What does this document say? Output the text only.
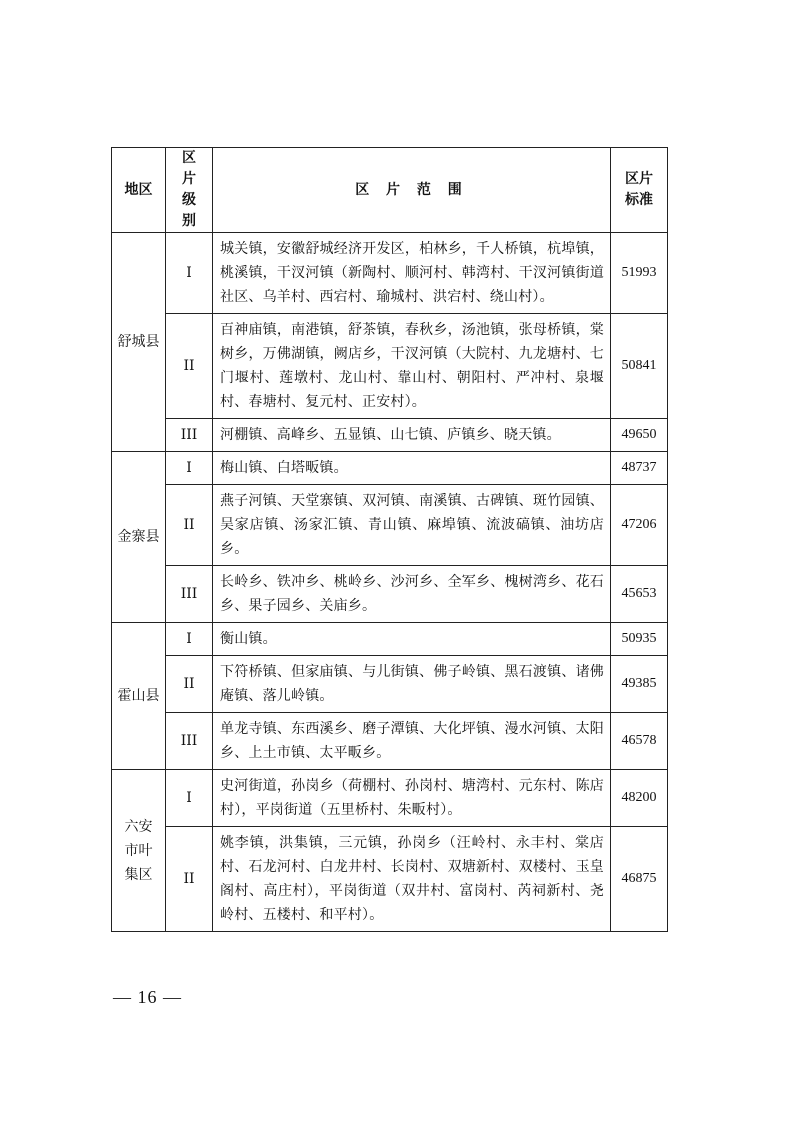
地区	区片级别	区 片 范 围	区片标准
舒城县	I	城关镇，安徽舒城经济开发区，柏林乡，千人桥镇，杭埠镇，桃溪镇，干汊河镇（新陶村、顺河村、韩湾村、干汊河镇街道社区、乌羊村、西宕村、瑜城村、洪宕村、绕山村）。	51993
	II	百神庙镇，南港镇，舒茶镇，春秋乡，汤池镇，张母桥镇，棠树乡，万佛湖镇，阙店乡，干汊河镇（大院村、九龙塘村、七门堰村、莲墩村、龙山村、靠山村、朝阳村、严冲村、泉堰村、春塘村、复元村、正安村）。	50841
	III	河棚镇、高峰乡、五显镇、山七镇、庐镇乡、晓天镇。	49650
金寨县	I	梅山镇、白塔畈镇。	48737
	II	燕子河镇、天堂寨镇、双河镇、南溪镇、古碑镇、斑竹园镇、吴家店镇、汤家汇镇、青山镇、麻埠镇、流波碻镇、油坊店乡。	47206
	III	长岭乡、铁冲乡、桃岭乡、沙河乡、全军乡、槐树湾乡、花石乡、果子园乡、关庙乡。	45653
霍山县	I	衡山镇。	50935
	II	下符桥镇、但家庙镇、与儿街镇、佛子岭镇、黑石渡镇、诸佛庵镇、落儿岭镇。	49385
	III	单龙寺镇、东西溪乡、磨子潭镇、大化坪镇、漫水河镇、太阳乡、上土市镇、太平畈乡。	46578
六安市叶集区	I	史河街道，孙岗乡（荷棚村、孙岗村、塘湾村、元东村、陈店村），平岗街道（五里桥村、朱畈村）。	48200
	II	姚李镇，洪集镇，三元镇，孙岗乡（汪岭村、永丰村、棠店村、石龙河村、白龙井村、长岗村、双塘新村、双楼村、玉皇阁村、高庄村），平岗街道（双井村、富岗村、芮祠新村、尧岭村、五楼村、和平村）。	46875
— 16 —
